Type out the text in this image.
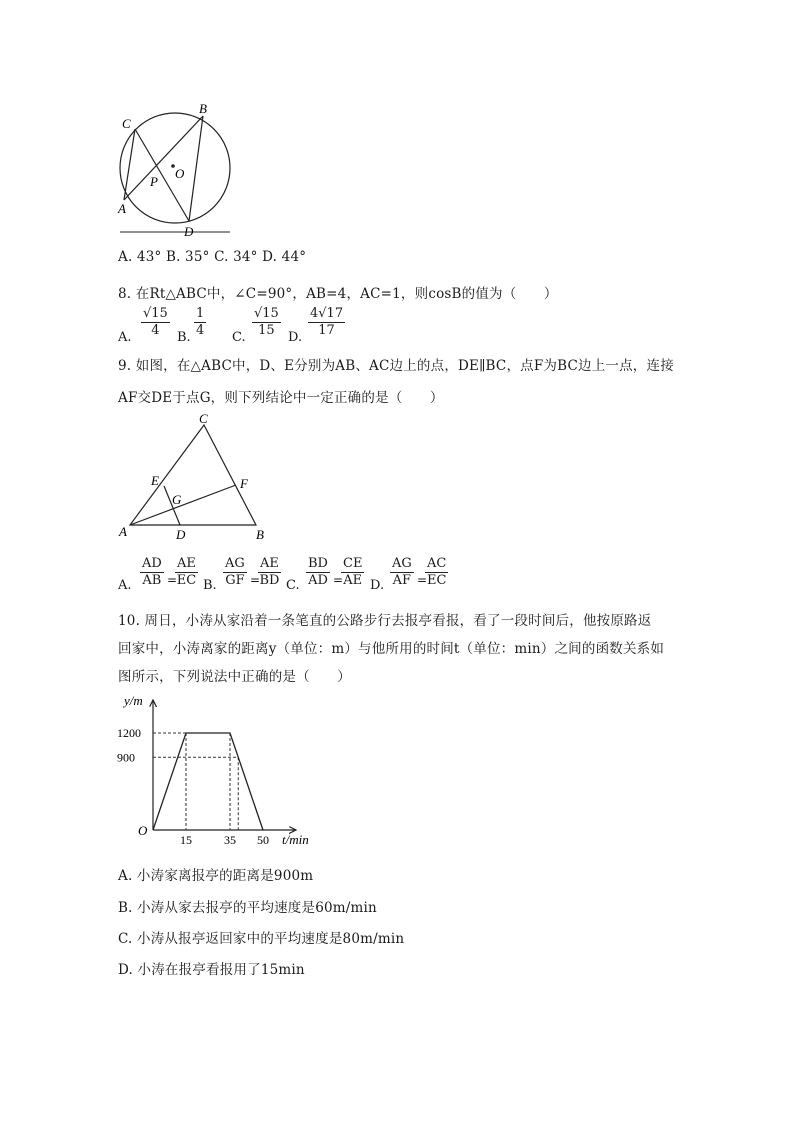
C
B
O
P
A
D
A. 43° B. 35° C. 34° D. 44°
8. 在Rt△ABC中，∠C=90°，AB=4，AC=1，则cosB的值为（　　）
A. $\frac{√15}{4} B$. $\frac{1}{4} C$. $\frac{√15}{15} D$. $\frac{4√17}{17}$
9. 如图，在△ABC中，D、E分别为AB、AC边上的点，DE∥BC，点F为BC边上一点，连接
AF交DE于点G，则下列结论中一定正确的是（　　）
C
E	F
G
A	D	B
A. $\frac{AD}{AB}$ =
$\frac{AE}{EC} B$. $\frac{AG}{GF}$ =
$\frac{AE}{BD} C$. $\frac{BD}{AD}$ =
$\frac{CE}{AE} D$. $\frac{AG}{AF}$ =
$\frac{AC}{EC}$
10. 周日，小涛从家沿着一条笔直的公路步行去报亭看报，看了一段时间后，他按原路返
回家中，小涛离家的距离y（单位：m）与他所用的时间t（单位：min）之间的函数关系如
图所示，下列说法中正确的是（　　）
y/m
t/min
O
15	35 50
1200
900
A. 小涛家离报亭的距离是900m
B. 小涛从家去报亭的平均速度是60m/min
C. 小涛从报亭返回家中的平均速度是80m/min
D. 小涛在报亭看报用了15min
